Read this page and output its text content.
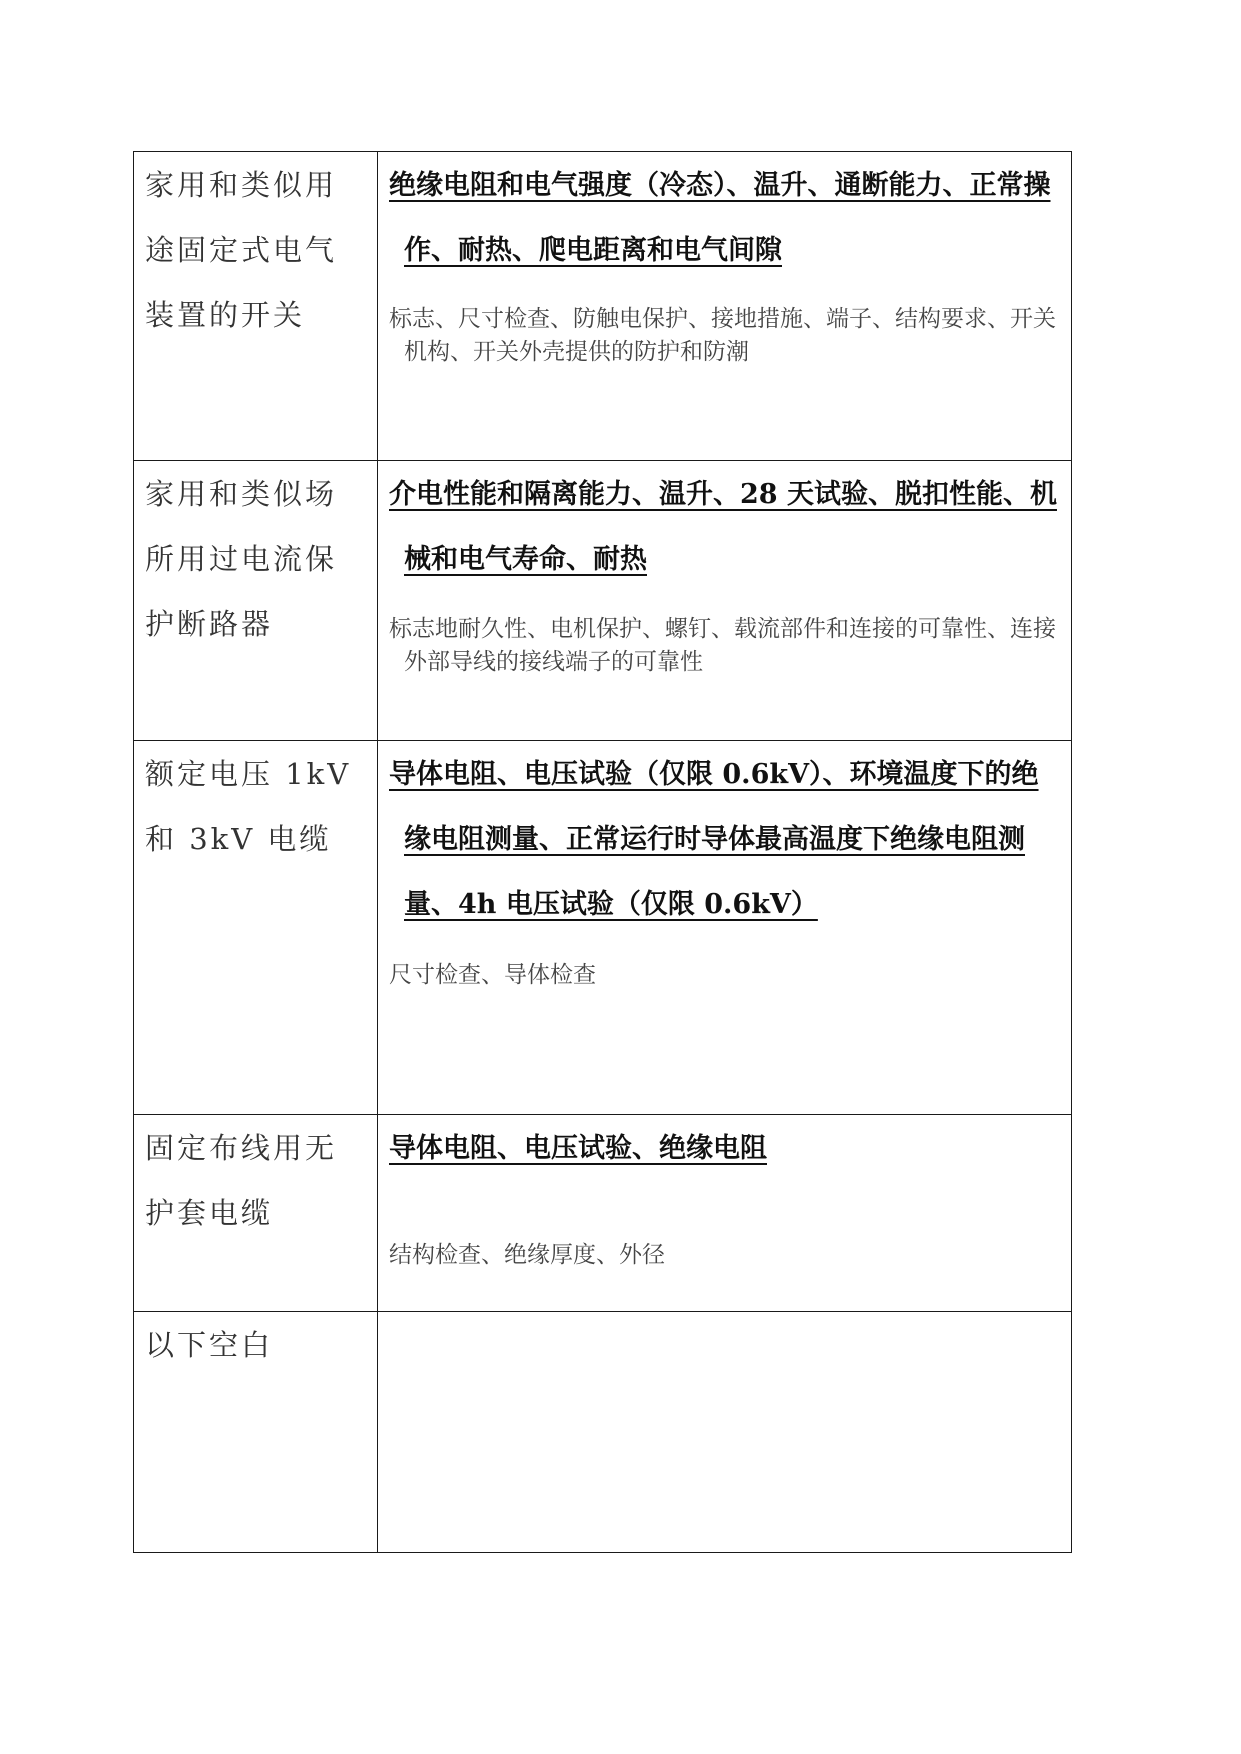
家用和类似用途固定式电气装置的开关	绝缘电阻和电气强度（冷态）、温升、通断能力、正常操作、耐热、爬电距离和电气间隙
标志、尺寸检查、防触电保护、接地措施、端子、结构要求、开关机构、开关外壳提供的防护和防潮

家用和类似场所用过电流保护断路器	介电性能和隔离能力、温升、28 天试验、脱扣性能、机械和电气寿命、耐热
标志地耐久性、电机保护、螺钉、载流部件和连接的可靠性、连接外部导线的接线端子的可靠性

额定电压 1kV 和 3kV 电缆	导体电阻、电压试验（仅限 0.6kV）、环境温度下的绝缘电阻测量、正常运行时导体最高温度下绝缘电阻测量、4h 电压试验（仅限 0.6kV）
尺寸检查、导体检查

固定布线用无护套电缆	导体电阻、电压试验、绝缘电阻
结构检查、绝缘厚度、外径

以下空白	
